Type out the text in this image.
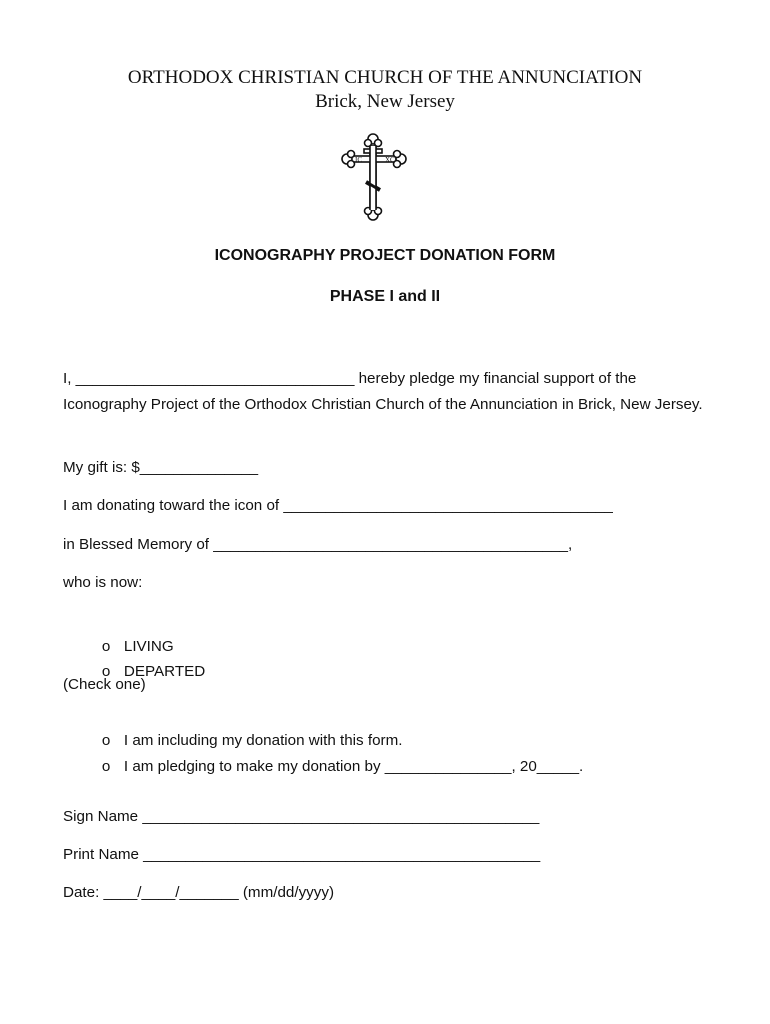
ORTHODOX CHRISTIAN CHURCH OF THE ANNUNCIATION
Brick, New Jersey
IC	XC
ICONOGRAPHY PROJECT DONATION FORM
PHASE I and II
I, _________________________________ hereby pledge my financial support of the Iconography Project of the Orthodox Christian Church of the Annunciation in Brick, New Jersey.
My gift is: $______________
I am donating toward the icon of _______________________________________
in Blessed Memory of __________________________________________,
who is now:

o LIVING

o DEPARTED

(Check one)

o I am including my donation with this form.

o I am pledging to make my donation by _______________, 20_____.

Sign Name _______________________________________________
Print Name _______________________________________________
Date: ____/____/_______ (mm/dd/yyyy)
